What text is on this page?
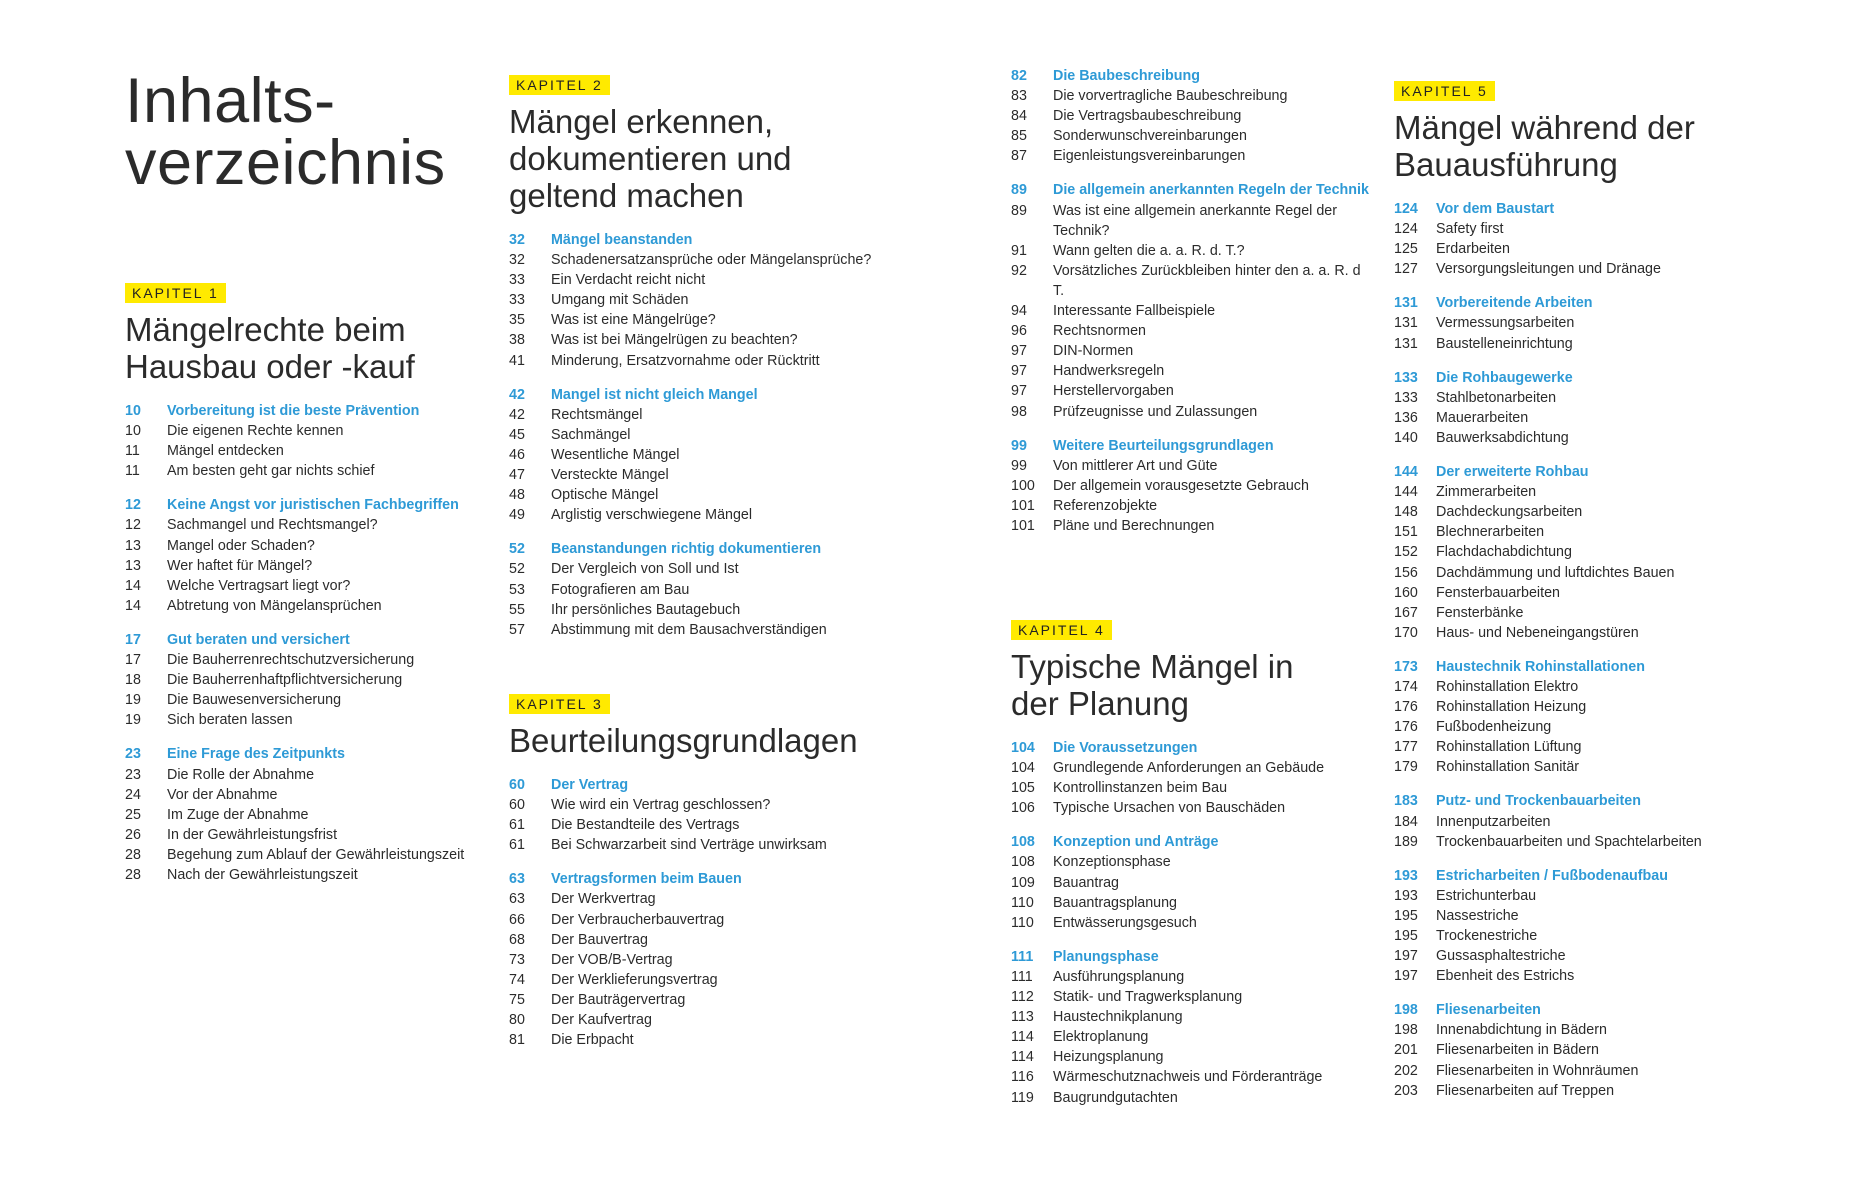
Inhalts-
verzeichnis
KAPITEL 1
Mängelrechte beim
Hausbau oder -kauf
10	Vorbereitung ist die beste Prävention
10	Die eigenen Rechte kennen
11	Mängel entdecken
11	Am besten geht gar nichts schief
12	Keine Angst vor juristischen Fachbegriffen
12	Sachmangel und Rechtsmangel?
13	Mangel oder Schaden?
13	Wer haftet für Mängel?
14	Welche Vertragsart liegt vor?
14	Abtretung von Mängelansprüchen
17	Gut beraten und versichert
17	Die Bauherrenrechtschutzversicherung
18	Die Bauherrenhaftpflichtversicherung
19	Die Bauwesenversicherung
19	Sich beraten lassen
23	Eine Frage des Zeitpunkts
23	Die Rolle der Abnahme
24	Vor der Abnahme
25	Im Zuge der Abnahme
26	In der Gewährleistungsfrist
28	Begehung zum Ablauf der Gewährleistungszeit
28	Nach der Gewährleistungszeit
KAPITEL 2
Mängel erkennen,
dokumentieren und
geltend machen
32	Mängel beanstanden
32	Schadenersatzansprüche oder Mängelansprüche?
33	Ein Verdacht reicht nicht
33	Umgang mit Schäden
35	Was ist eine Mängelrüge?
38	Was ist bei Mängelrügen zu beachten?
41	Minderung, Ersatzvornahme oder Rücktritt
42	Mangel ist nicht gleich Mangel
42	Rechtsmängel
45	Sachmängel
46	Wesentliche Mängel
47	Versteckte Mängel
48	Optische Mängel
49	Arglistig verschwiegene Mängel
52	Beanstandungen richtig dokumentieren
52	Der Vergleich von Soll und Ist
53	Fotografieren am Bau
55	Ihr persönliches Bautagebuch
57	Abstimmung mit dem Bausachverständigen
KAPITEL 3
Beurteilungsgrundlagen
60	Der Vertrag
60	Wie wird ein Vertrag geschlossen?
61	Die Bestandteile des Vertrags
61	Bei Schwarzarbeit sind Verträge unwirksam
63	Vertragsformen beim Bauen
63	Der Werkvertrag
66	Der Verbraucherbauvertrag
68	Der Bauvertrag
73	Der VOB/B-Vertrag
74	Der Werklieferungsvertrag
75	Der Bauträgervertrag
80	Der Kaufvertrag
81	Die Erbpacht
82	Die Baubeschreibung
83	Die vorvertragliche Baubeschreibung
84	Die Vertragsbaubeschreibung
85	Sonderwunschvereinbarungen
87	Eigenleistungsvereinbarungen
89	Die allgemein anerkannten Regeln der Technik
89	Was ist eine allgemein anerkannte Regel der Technik?
91	Wann gelten die a. a. R. d. T.?
92	Vorsätzliches Zurückbleiben hinter den a. a. R. d T.
94	Interessante Fallbeispiele
96	Rechtsnormen
97	DIN-Normen
97	Handwerksregeln
97	Herstellervorgaben
98	Prüfzeugnisse und Zulassungen
99	Weitere Beurteilungsgrundlagen
99	Von mittlerer Art und Güte
100	Der allgemein vorausgesetzte Gebrauch
101	Referenzobjekte
101	Pläne und Berechnungen
KAPITEL 4
Typische Mängel in
der Planung
104	Die Voraussetzungen
104	Grundlegende Anforderungen an Gebäude
105	Kontrollinstanzen beim Bau
106	Typische Ursachen von Bauschäden
108	Konzeption und Anträge
108	Konzeptionsphase
109	Bauantrag
110	Bauantragsplanung
110	Entwässerungsgesuch
111	Planungsphase
111	Ausführungsplanung
112	Statik- und Tragwerksplanung
113	Haustechnikplanung
114	Elektroplanung
114	Heizungsplanung
116	Wärmeschutznachweis und Förderanträge
119	Baugrundgutachten
KAPITEL 5
Mängel während der
Bauausführung
124	Vor dem Baustart
124	Safety first
125	Erdarbeiten
127	Versorgungsleitungen und Dränage
131	Vorbereitende Arbeiten
131	Vermessungsarbeiten
131	Baustelleneinrichtung
133	Die Rohbaugewerke
133	Stahlbetonarbeiten
136	Mauerarbeiten
140	Bauwerksabdichtung
144	Der erweiterte Rohbau
144	Zimmerarbeiten
148	Dachdeckungsarbeiten
151	Blechnerarbeiten
152	Flachdachabdichtung
156	Dachdämmung und luftdichtes Bauen
160	Fensterbauarbeiten
167	Fensterbänke
170	Haus- und Nebeneingangstüren
173	Haustechnik Rohinstallationen
174	Rohinstallation Elektro
176	Rohinstallation Heizung
176	Fußbodenheizung
177	Rohinstallation Lüftung
179	Rohinstallation Sanitär
183	Putz- und Trockenbauarbeiten
184	Innenputzarbeiten
189	Trockenbauarbeiten und Spachtelarbeiten
193	Estricharbeiten / Fußbodenaufbau
193	Estrichunterbau
195	Nassestriche
195	Trockenestriche
197	Gussasphaltestriche
197	Ebenheit des Estrichs
198	Fliesenarbeiten
198	Innenabdichtung in Bädern
201	Fliesenarbeiten in Bädern
202	Fliesenarbeiten in Wohnräumen
203	Fliesenarbeiten auf Treppen
